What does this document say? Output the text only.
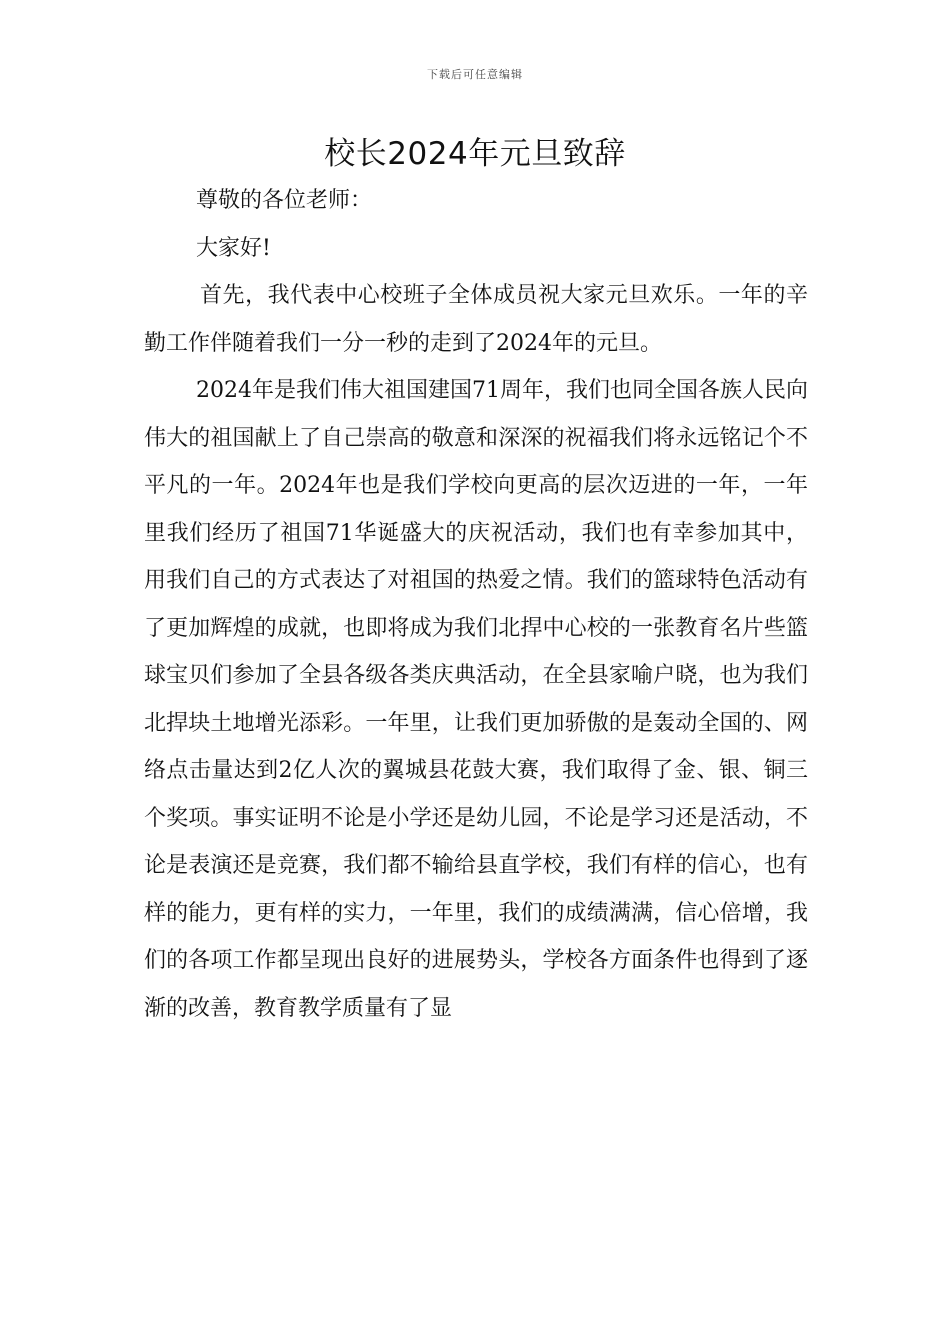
下载后可任意编辑
校长2024年元旦致辞

尊敬的各位老师：

大家好!

首先，我代表中心校班子全体成员祝大家元旦欢乐。一年的辛勤工作伴随着我们一分一秒的走到了2024年的元旦。

2024年是我们伟大祖国建国71周年，我们也同全国各族人民向伟大的祖国献上了自己崇高的敬意和深深的祝福我们将永远铭记个不平凡的一年。2024年也是我们学校向更高的层次迈进的一年，一年里我们经历了祖国71华诞盛大的庆祝活动，我们也有幸参加其中，用我们自己的方式表达了对祖国的热爱之情。我们的篮球特色活动有了更加辉煌的成就，也即将成为我们北捍中心校的一张教育名片些篮球宝贝们参加了全县各级各类庆典活动，在全县家喻户晓，也为我们北捍块土地增光添彩。一年里，让我们更加骄傲的是轰动全国的、网络点击量达到2亿人次的翼城县花鼓大赛，我们取得了金、银、铜三个奖项。事实证明不论是小学还是幼儿园，不论是学习还是活动，不论是表演还是竞赛，我们都不输给县直学校，我们有样的信心，也有样的能力，更有样的实力，一年里，我们的成绩满满，信心倍增，我们的各项工作都呈现出良好的进展势头，学校各方面条件也得到了逐渐的改善，教育教学质量有了显
